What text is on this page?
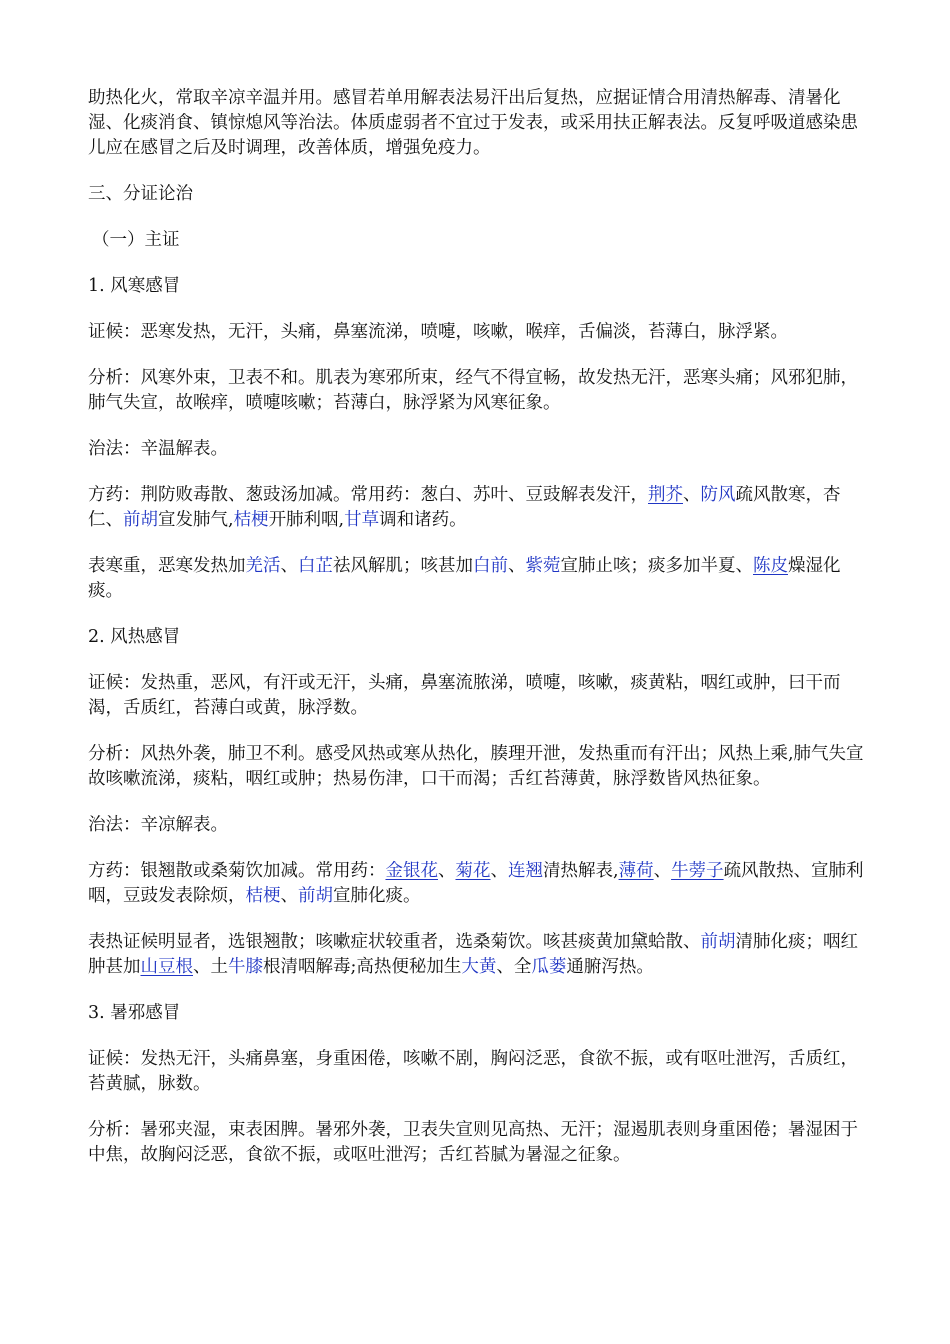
助热化火，常取辛凉辛温并用。感冒若单用解表法易汗出后复热，应据证情合用清热解毒、清暑化湿、化痰消食、镇惊熄风等治法。体质虚弱者不宜过于发表，或采用扶正解表法。反复呼吸道感染患儿应在感冒之后及时调理，改善体质，增强免疫力。

三、分证论治

（一）主证

1. 风寒感冒

证候：恶寒发热，无汗，头痛，鼻塞流涕，喷嚏，咳嗽，喉痒，舌偏淡，苔薄白，脉浮紧。

分析：风寒外束，卫表不和。肌表为寒邪所束，经气不得宣畅，故发热无汗，恶寒头痛；风邪犯肺，肺气失宣，故喉痒，喷嚏咳嗽；苔薄白，脉浮紧为风寒征象。

治法：辛温解表。

方药：荆防败毒散、葱豉汤加减。常用药：葱白、苏叶、豆豉解表发汗，荆芥、防风疏风散寒，杏仁、前胡宣发肺气,桔梗开肺利咽,甘草调和诸药。

表寒重，恶寒发热加羌活、白芷祛风解肌；咳甚加白前、紫菀宣肺止咳；痰多加半夏、陈皮燥湿化痰。

2. 风热感冒

证候：发热重，恶风，有汗或无汗，头痛，鼻塞流脓涕，喷嚏，咳嗽，痰黄粘，咽红或肿，曰干而渴，舌质红，苔薄白或黄，脉浮数。

分析：风热外袭，肺卫不利。感受风热或寒从热化，腠理开泄，发热重而有汗出；风热上乘,肺气失宣故咳嗽流涕，痰粘，咽红或肿；热易伤津，口干而渴；舌红苔薄黄，脉浮数皆风热征象。

治法：辛凉解表。

方药：银翘散或桑菊饮加减。常用药：金银花、菊花、连翘清热解表,薄荷、牛蒡子疏风散热、宣肺利咽，豆豉发表除烦，桔梗、前胡宣肺化痰。

表热证候明显者，选银翘散；咳嗽症状较重者，选桑菊饮。咳甚痰黄加黛蛤散、前胡清肺化痰；咽红肿甚加山豆根、土牛膝根清咽解毒;高热便秘加生大黄、全瓜蒌通腑泻热。

3. 暑邪感冒

证候：发热无汗，头痛鼻塞，身重困倦，咳嗽不剧，胸闷泛恶，食欲不振，或有呕吐泄泻，舌质红，苔黄腻，脉数。

分析：暑邪夹湿，束表困脾。暑邪外袭，卫表失宣则见高热、无汗；湿遏肌表则身重困倦；暑湿困于中焦，故胸闷泛恶，食欲不振，或呕吐泄泻；舌红苔腻为暑湿之征象。
